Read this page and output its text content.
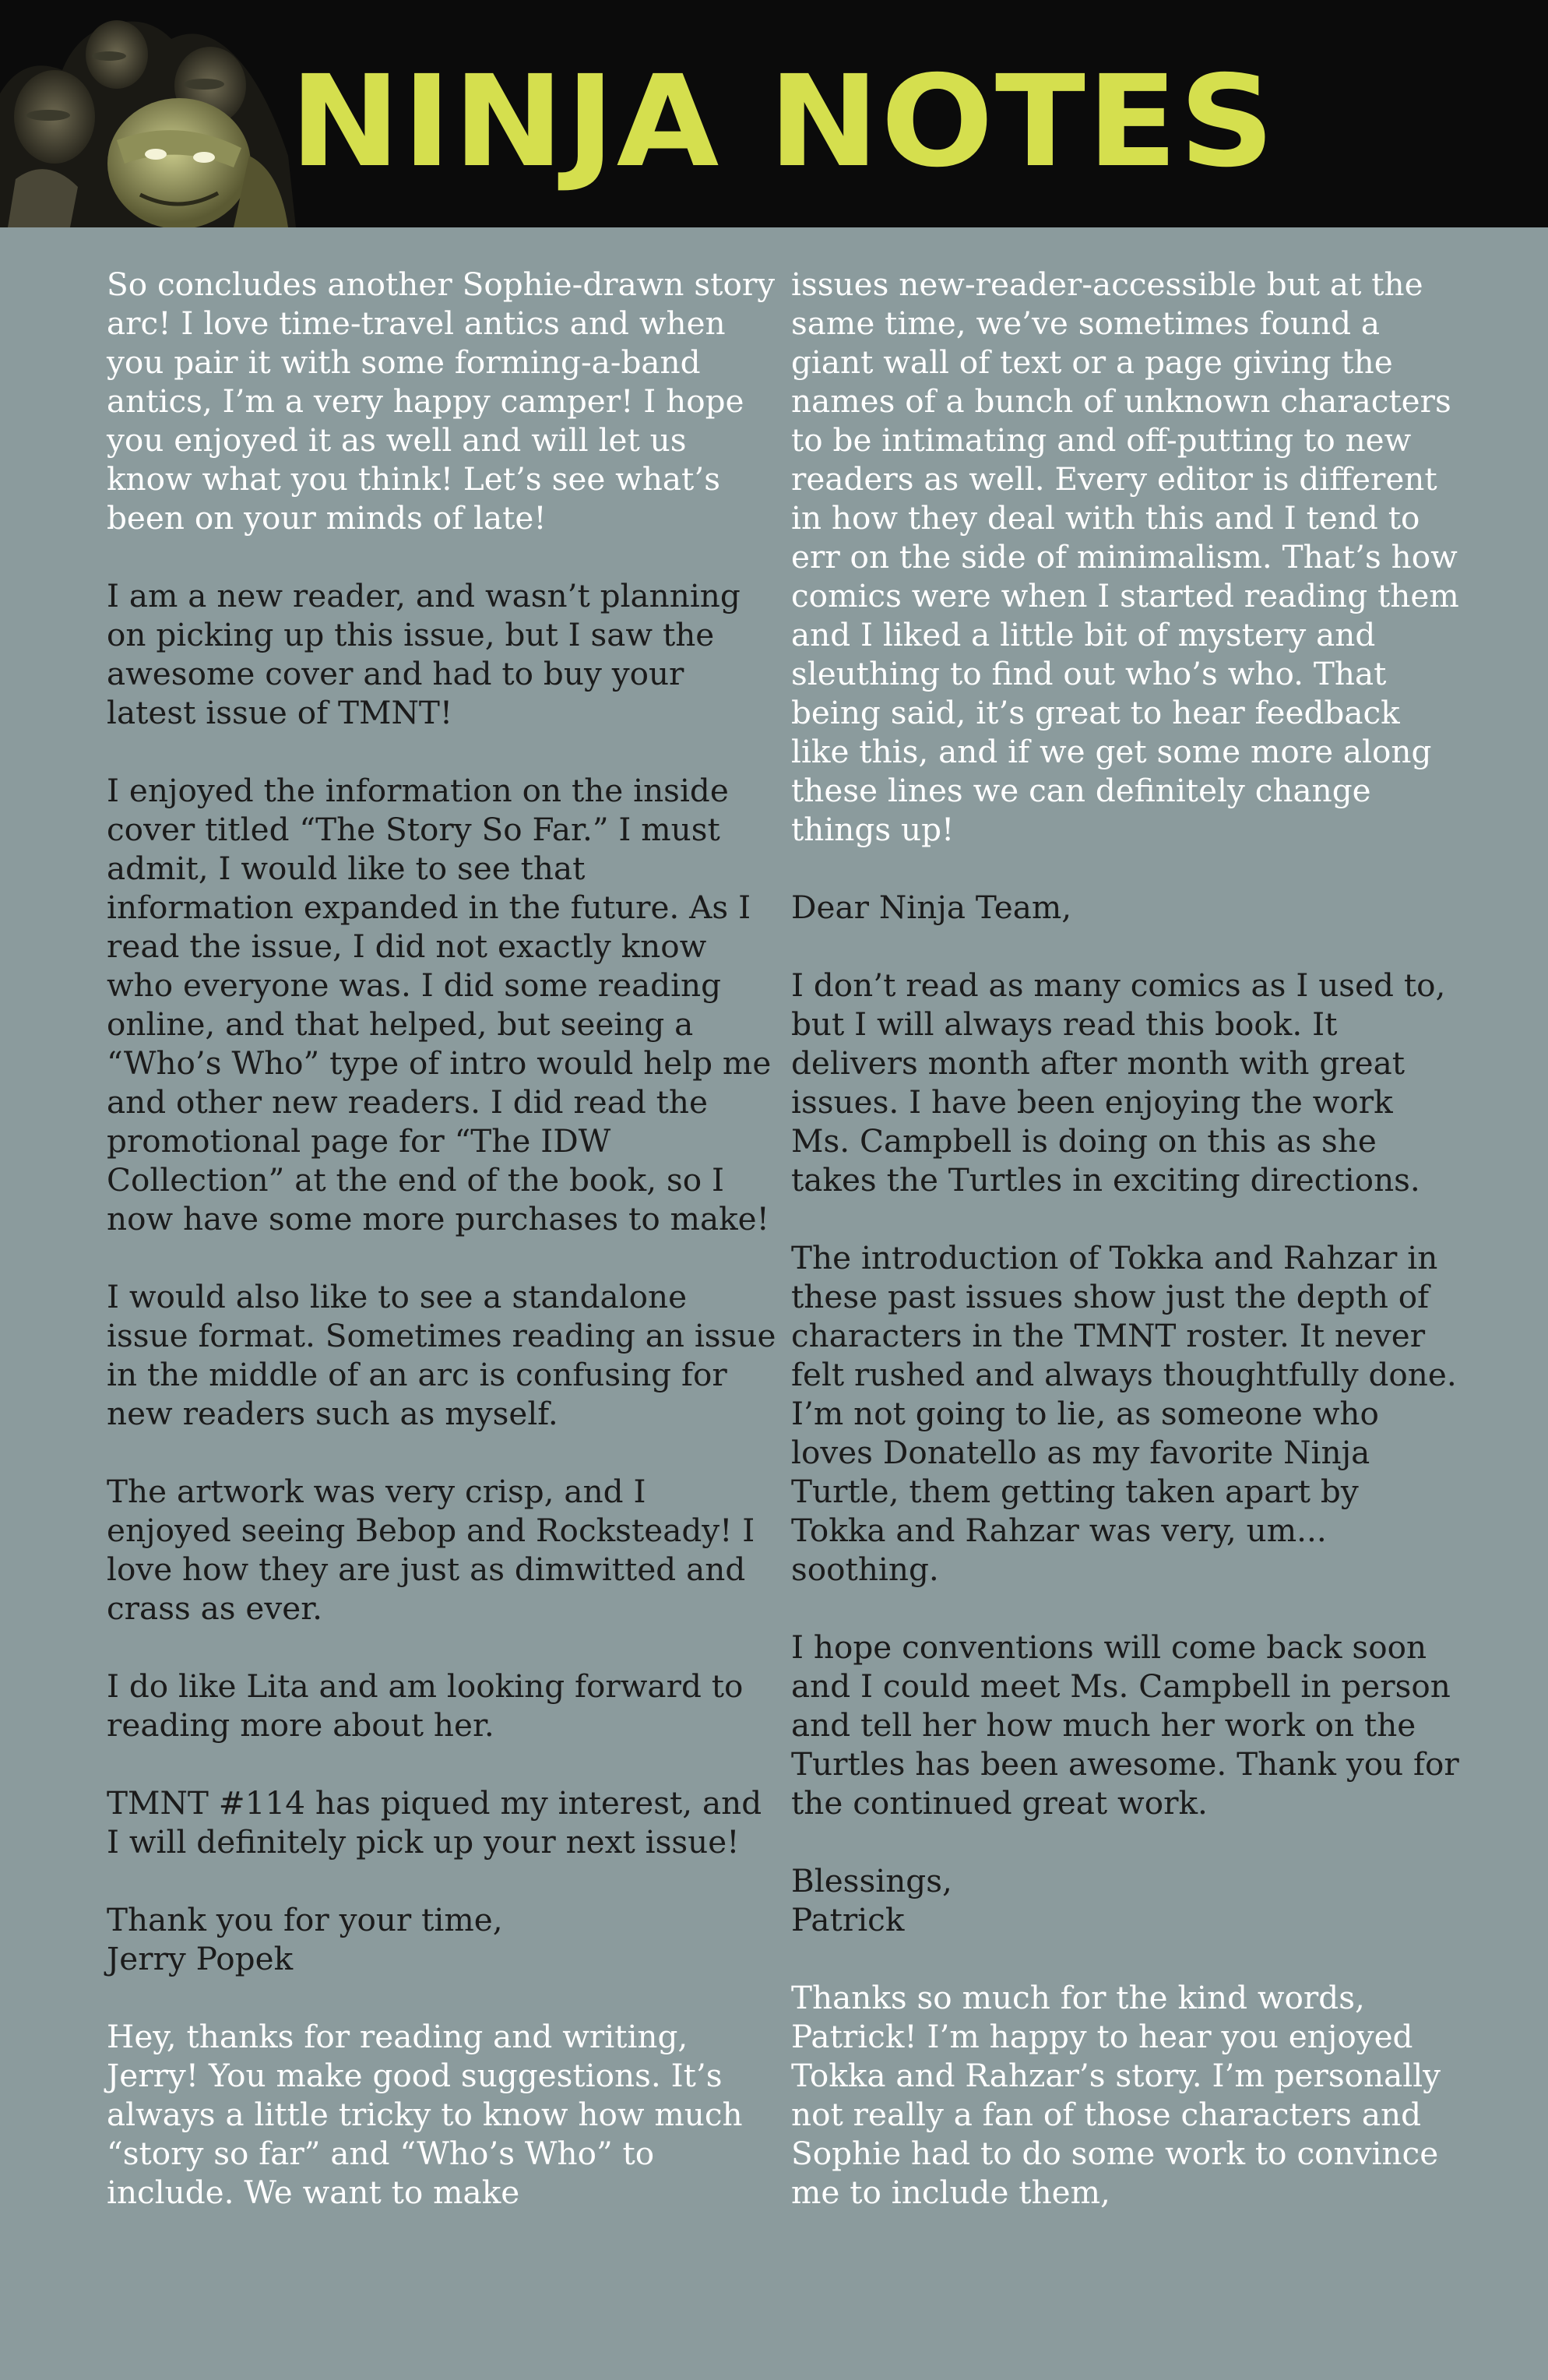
NINJA NOTES

So concludes another Sophie-drawn story arc! I love time-travel antics and when you pair it with some forming-a-band antics, I’m a very happy camper! I hope you enjoyed it as well and will let us know what you think! Let’s see what’s been on your minds of late!

I am a new reader, and wasn’t planning on picking up this issue, but I saw the awesome cover and had to buy your latest issue of TMNT!

I enjoyed the information on the inside cover titled “The Story So Far.” I must admit, I would like to see that information expanded in the future. As I read the issue, I did not exactly know who everyone was. I did some reading online, and that helped, but seeing a “Who’s Who” type of intro would help me and other new readers. I did read the promotional page for “The IDW Collection” at the end of the book, so I now have some more purchases to make!

I would also like to see a standalone issue format. Sometimes reading an issue in the middle of an arc is confusing for new readers such as myself.

The artwork was very crisp, and I enjoyed seeing Bebop and Rocksteady! I love how they are just as dimwitted and crass as ever.

I do like Lita and am looking forward to reading more about her.

TMNT #114 has piqued my interest, and I will definitely pick up your next issue!

Thank you for your time,
Jerry Popek

Hey, thanks for reading and writing, Jerry! You make good suggestions. It’s always a little tricky to know how much “story so far” and “Who’s Who” to include. We want to make

issues new-reader-accessible but at the same time, we’ve sometimes found a giant wall of text or a page giving the names of a bunch of unknown characters to be intimating and off-putting to new readers as well. Every editor is different in how they deal with this and I tend to err on the side of minimalism. That’s how comics were when I started reading them and I liked a little bit of mystery and sleuthing to find out who’s who. That being said, it’s great to hear feedback like this, and if we get some more along these lines we can definitely change things up!

Dear Ninja Team,

I don’t read as many comics as I used to, but I will always read this book. It delivers month after month with great issues. I have been enjoying the work Ms. Campbell is doing on this as she takes the Turtles in exciting directions.

The introduction of Tokka and Rahzar in these past issues show just the depth of characters in the TMNT roster. It never felt rushed and always thoughtfully done. I’m not going to lie, as someone who loves Donatello as my favorite Ninja Turtle, them getting taken apart by Tokka and Rahzar was very, um... soothing.

I hope conventions will come back soon and I could meet Ms. Campbell in person and tell her how much her work on the Turtles has been awesome. Thank you for the continued great work.

Blessings,
Patrick

Thanks so much for the kind words, Patrick! I’m happy to hear you enjoyed Tokka and Rahzar’s story. I’m personally not really a fan of those characters and Sophie had to do some work to convince me to include them,
